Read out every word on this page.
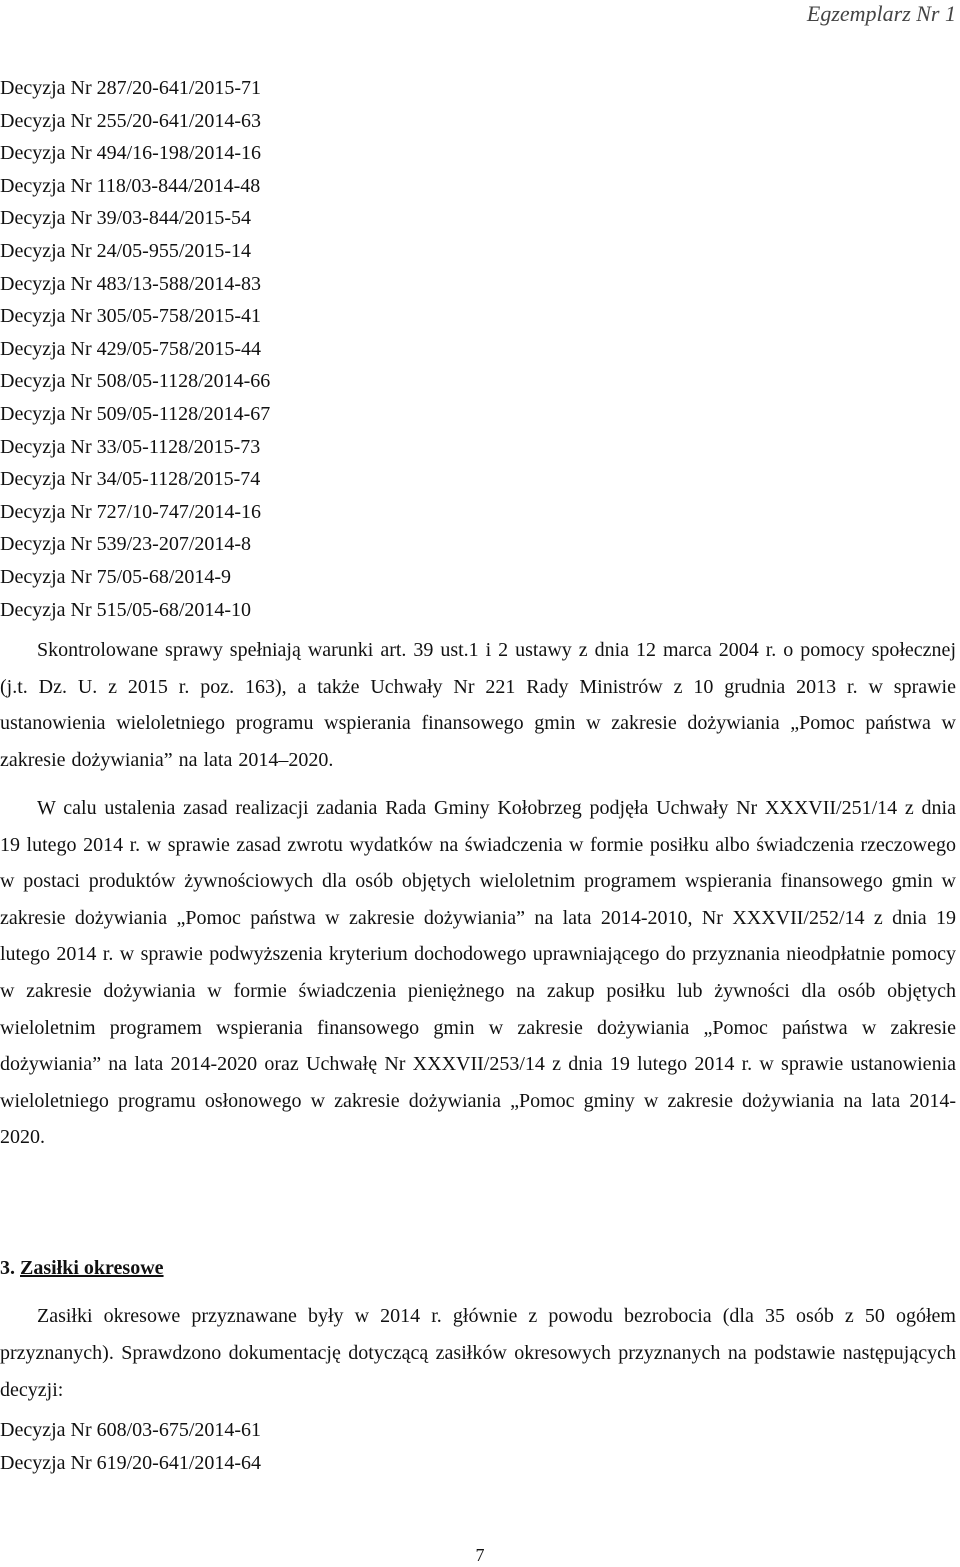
Egzemplarz Nr 1
Decyzja Nr 287/20-641/2015-71
Decyzja Nr 255/20-641/2014-63
Decyzja Nr 494/16-198/2014-16
Decyzja Nr 118/03-844/2014-48
Decyzja Nr 39/03-844/2015-54
Decyzja Nr 24/05-955/2015-14
Decyzja Nr 483/13-588/2014-83
Decyzja Nr 305/05-758/2015-41
Decyzja Nr 429/05-758/2015-44
Decyzja Nr 508/05-1128/2014-66
Decyzja Nr 509/05-1128/2014-67
Decyzja Nr 33/05-1128/2015-73
Decyzja Nr 34/05-1128/2015-74
Decyzja Nr 727/10-747/2014-16
Decyzja Nr 539/23-207/2014-8
Decyzja Nr 75/05-68/2014-9
Decyzja Nr 515/05-68/2014-10
Skontrolowane sprawy spełniają warunki art. 39 ust.1 i 2 ustawy z dnia 12 marca 2004 r. o pomocy społecznej (j.t. Dz. U. z 2015 r. poz. 163), a także Uchwały Nr 221 Rady Ministrów z 10 grudnia 2013 r. w sprawie ustanowienia wieloletniego programu wspierania finansowego gmin w zakresie dożywiania „Pomoc państwa w zakresie dożywiania” na lata 2014–2020.
W calu ustalenia zasad realizacji zadania Rada Gminy Kołobrzeg podjęła Uchwały Nr XXXVII/251/14 z dnia 19 lutego 2014 r. w sprawie zasad zwrotu wydatków na świadczenia w formie posiłku albo świadczenia rzeczowego w postaci produktów żywnościowych dla osób objętych wieloletnim programem wspierania finansowego gmin w zakresie dożywiania „Pomoc państwa w zakresie dożywiania” na lata 2014-2010, Nr XXXVII/252/14 z dnia 19 lutego 2014 r. w sprawie podwyższenia kryterium dochodowego uprawniającego do przyznania nieodpłatnie pomocy w zakresie dożywiania w formie świadczenia pieniężnego na zakup posiłku lub żywności dla osób objętych wieloletnim programem wspierania finansowego gmin w zakresie dożywiania „Pomoc państwa w zakresie dożywiania” na lata 2014-2020 oraz Uchwałę Nr XXXVII/253/14 z dnia 19 lutego 2014 r. w sprawie ustanowienia wieloletniego programu osłonowego w zakresie dożywiania „Pomoc gminy w zakresie dożywiania na lata 2014-2020.
3. Zasiłki okresowe
Zasiłki okresowe przyznawane były w 2014 r. głównie z powodu bezrobocia (dla 35 osób z 50 ogółem przyznanych). Sprawdzono dokumentację dotyczącą zasiłków okresowych przyznanych na podstawie następujących decyzji:
Decyzja Nr 608/03-675/2014-61
Decyzja Nr 619/20-641/2014-64
7
